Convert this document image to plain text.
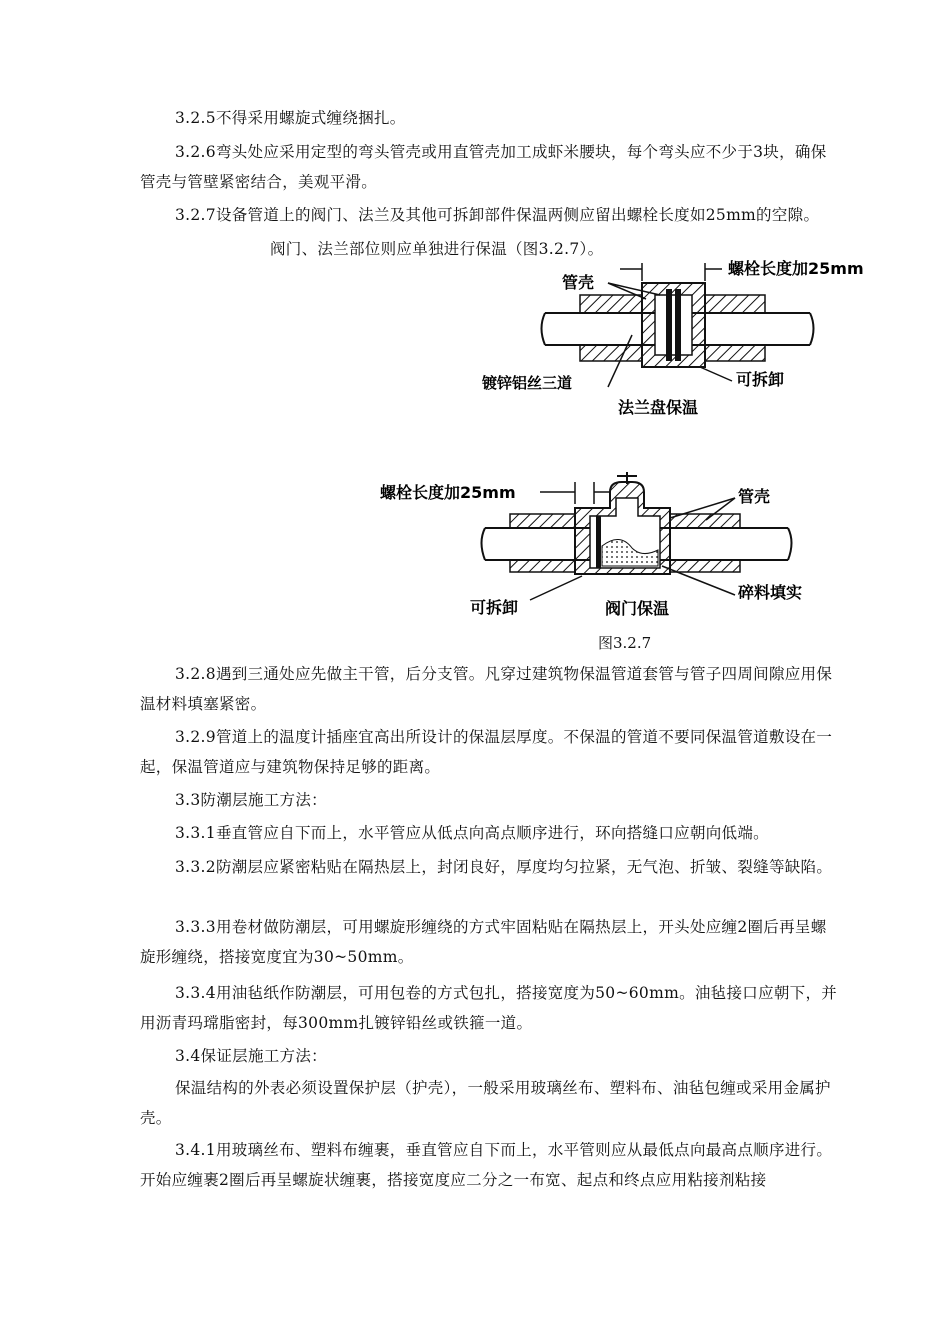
3.2.5不得采用螺旋式缠绕捆扎。

3.2.6弯头处应采用定型的弯头管壳或用直管壳加工成虾米腰块，每个弯头应不少于3块，确保管壳与管壁紧密结合，美观平滑。

3.2.7设备管道上的阀门、法兰及其他可拆卸部件保温两侧应留出螺栓长度如25mm的空隙。

阀门、法兰部位则应单独进行保温（图3.2.7）。

管壳
螺栓长度加25mm
镀锌铝丝三道	可拆卸
法兰盘保温
螺栓长度加25mm	管壳
可拆卸
碎料填实
阀门保温
图3.2.7

3.2.8遇到三通处应先做主干管，后分支管。凡穿过建筑物保温管道套管与管子四周间隙应用保温材料填塞紧密。

3.2.9管道上的温度计插座宜高出所设计的保温层厚度。不保温的管道不要同保温管道敷设在一起，保温管道应与建筑物保持足够的距离。

3.3防潮层施工方法：

3.3.1垂直管应自下而上，水平管应从低点向高点顺序进行，环向搭缝口应朝向低端。

3.3.2防潮层应紧密粘贴在隔热层上，封闭良好，厚度均匀拉紧，无气泡、折皱、裂缝等缺陷。

3.3.3用卷材做防潮层，可用螺旋形缠绕的方式牢固粘贴在隔热层上，开头处应缠2圈后再呈螺旋形缠绕，搭接宽度宜为30~50mm。

3.3.4用油毡纸作防潮层，可用包卷的方式包扎，搭接宽度为50~60mm。油毡接口应朝下，并用沥青玛瑺脂密封，每300mm扎镀锌铅丝或铁箍一道。

3.4保证层施工方法：

保温结构的外表必须设置保护层（护壳），一般采用玻璃丝布、塑料布、油毡包缠或采用金属护壳。

3.4.1用玻璃丝布、塑料布缠裹，垂直管应自下而上，水平管则应从最低点向最高点顺序进行。开始应缠裹2圈后再呈螺旋状缠裹，搭接宽度应二分之一布宽、起点和终点应用粘接剂粘接
